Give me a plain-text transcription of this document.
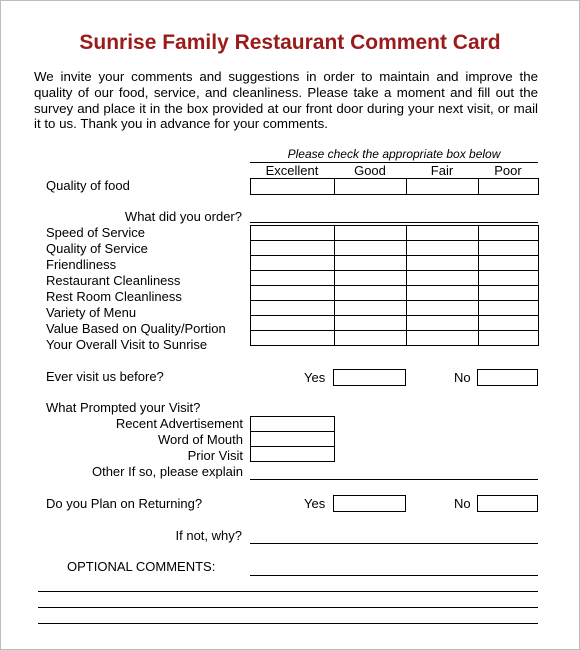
Sunrise Family Restaurant Comment Card
We invite your comments and suggestions in order to maintain and improve the quality of our food, service, and cleanliness. Please take a moment and fill out the survey and place it in the box provided at our front door during your next visit, or mail it to us. Thank you in advance for your comments.
Please check the appropriate box below
Excellent	Good	Fair	Poor
Quality of food

What did you order?
Speed of Service
Quality of Service
Friendliness
Restaurant Cleanliness
Rest Room Cleanliness
Variety of Menu
Value Based on Quality/Portion
Your Overall Visit to Sunrise

Ever visit us before?	Yes	No
What Prompted your Visit?
Recent Advertisement
Word of Mouth
Prior Visit
Other If so, please explain

Do you Plan on Returning?	Yes	No
If not, why?
OPTIONAL COMMENTS:
